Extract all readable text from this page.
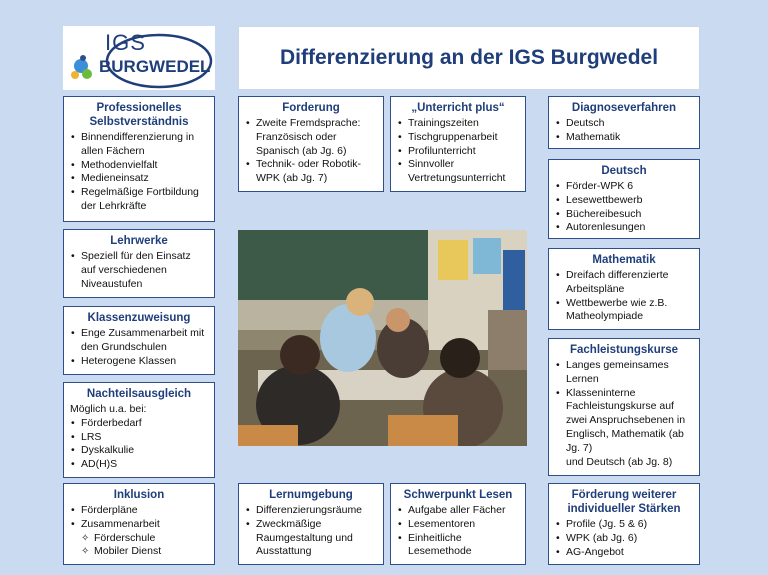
IGS
BURGWEDEL	Differenzierung an der IGS Burgwedel
Professionelles Selbstverständnis
• Binnendifferenzierung in allen Fächern
• Methodenvielfalt
• Medieneinsatz
• Regelmäßige Fortbildung der Lehrkräfte
Lehrwerke
• Speziell für den Einsatz auf verschiedenen Niveaustufen
Klassenzuweisung
• Enge Zusammenarbeit mit den Grundschulen
• Heterogene Klassen
Nachteilsausgleich

Möglich u.a. bei:

• Förderbedarf
• LRS
• Dyskalkulie
• AD(H)S
Inklusion
• Förderpläne
• Zusammenarbeit
✧ Förderschule
✧ Mobiler Dienst
Forderung
• Zweite Fremdsprache: Französisch oder Spanisch (ab Jg. 6)
• Technik- oder Robotik-WPK (ab Jg. 7)
„Unterricht plus“
• Trainingszeiten
• Tischgruppenarbeit
• Profilunterricht
• Sinnvoller Vertretungsunterricht
Lernumgebung
• Differenzierungsräume
• Zweckmäßige Raumgestaltung und Ausstattung
Schwerpunkt Lesen
• Aufgabe aller Fächer
• Lesementoren
• Einheitliche Lesemethode
Diagnoseverfahren
• Deutsch
• Mathematik
Deutsch
• Förder-WPK 6
• Lesewettbewerb
• Büchereibesuch
• Autorenlesungen
Mathematik
• Dreifach differenzierte Arbeitspläne
• Wettbewerbe wie z.B. Matheolympiade
Fachleistungskurse
• Langes gemeinsames Lernen
• Klasseninterne Fachleistungskurse auf zwei Anspruchsebenen in Englisch, Mathematik (ab Jg. 7)
und Deutsch (ab Jg. 8)
Förderung weiterer individueller Stärken
• Profile (Jg. 5 & 6)
• WPK (ab Jg. 6)
• AG-Angebot
